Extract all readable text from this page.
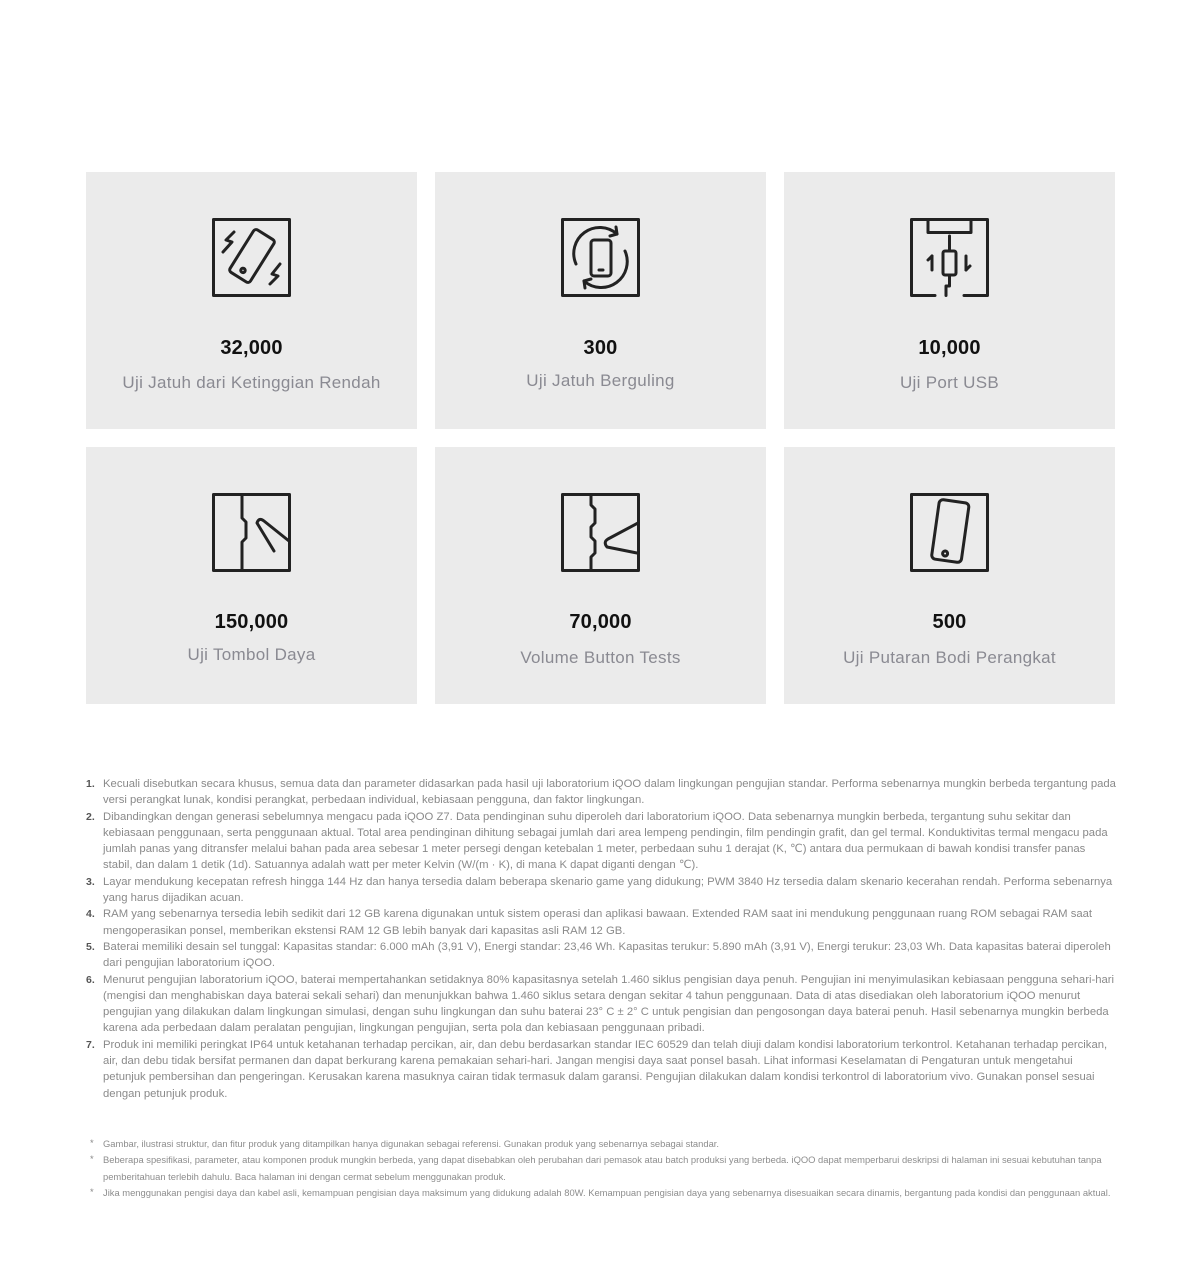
32,000
Uji Jatuh dari Ketinggian Rendah
300
Uji Jatuh Berguling
10,000
Uji Port USB
150,000
Uji Tombol Daya
70,000
Volume Button Tests
500
Uji Putaran Bodi Perangkat
1. Kecuali disebutkan secara khusus, semua data dan parameter didasarkan pada hasil uji laboratorium iQOO dalam lingkungan pengujian standar. Performa sebenarnya mungkin berbeda tergantung pada versi perangkat lunak, kondisi perangkat, perbedaan individual, kebiasaan pengguna, dan faktor lingkungan.
2. Dibandingkan dengan generasi sebelumnya mengacu pada iQOO Z7. Data pendinginan suhu diperoleh dari laboratorium iQOO. Data sebenarnya mungkin berbeda, tergantung suhu sekitar dan kebiasaan penggunaan, serta penggunaan aktual. Total area pendinginan dihitung sebagai jumlah dari area lempeng pendingin, film pendingin grafit, dan gel termal. Konduktivitas termal mengacu pada jumlah panas yang ditransfer melalui bahan pada area sebesar 1 meter persegi dengan ketebalan 1 meter, perbedaan suhu 1 derajat (K, ℃) antara dua permukaan di bawah kondisi transfer panas stabil, dan dalam 1 detik (1d). Satuannya adalah watt per meter Kelvin (W/(m · K), di mana K dapat diganti dengan ℃).
3. Layar mendukung kecepatan refresh hingga 144 Hz dan hanya tersedia dalam beberapa skenario game yang didukung; PWM 3840 Hz tersedia dalam skenario kecerahan rendah. Performa sebenarnya yang harus dijadikan acuan.
4. RAM yang sebenarnya tersedia lebih sedikit dari 12 GB karena digunakan untuk sistem operasi dan aplikasi bawaan. Extended RAM saat ini mendukung penggunaan ruang ROM sebagai RAM saat mengoperasikan ponsel, memberikan ekstensi RAM 12 GB lebih banyak dari kapasitas asli RAM 12 GB.
5. Baterai memiliki desain sel tunggal: Kapasitas standar: 6.000 mAh (3,91 V), Energi standar: 23,46 Wh. Kapasitas terukur: 5.890 mAh (3,91 V), Energi terukur: 23,03 Wh. Data kapasitas baterai diperoleh dari pengujian laboratorium iQOO.
6. Menurut pengujian laboratorium iQOO, baterai mempertahankan setidaknya 80% kapasitasnya setelah 1.460 siklus pengisian daya penuh. Pengujian ini menyimulasikan kebiasaan pengguna sehari-hari (mengisi dan menghabiskan daya baterai sekali sehari) dan menunjukkan bahwa 1.460 siklus setara dengan sekitar 4 tahun penggunaan. Data di atas disediakan oleh laboratorium iQOO menurut pengujian yang dilakukan dalam lingkungan simulasi, dengan suhu lingkungan dan suhu baterai 23° C ± 2° C untuk pengisian dan pengosongan daya baterai penuh. Hasil sebenarnya mungkin berbeda karena ada perbedaan dalam peralatan pengujian, lingkungan pengujian, serta pola dan kebiasaan penggunaan pribadi.
7. Produk ini memiliki peringkat IP64 untuk ketahanan terhadap percikan, air, dan debu berdasarkan standar IEC 60529 dan telah diuji dalam kondisi laboratorium terkontrol. Ketahanan terhadap percikan, air, dan debu tidak bersifat permanen dan dapat berkurang karena pemakaian sehari-hari. Jangan mengisi daya saat ponsel basah. Lihat informasi Keselamatan di Pengaturan untuk mengetahui petunjuk pembersihan dan pengeringan. Kerusakan karena masuknya cairan tidak termasuk dalam garansi. Pengujian dilakukan dalam kondisi terkontrol di laboratorium vivo. Gunakan ponsel sesuai dengan petunjuk produk.
* Gambar, ilustrasi struktur, dan fitur produk yang ditampilkan hanya digunakan sebagai referensi. Gunakan produk yang sebenarnya sebagai standar.
* Beberapa spesifikasi, parameter, atau komponen produk mungkin berbeda, yang dapat disebabkan oleh perubahan dari pemasok atau batch produksi yang berbeda. iQOO dapat memperbarui deskripsi di halaman ini sesuai kebutuhan tanpa pemberitahuan terlebih dahulu. Baca halaman ini dengan cermat sebelum menggunakan produk.
* Jika menggunakan pengisi daya dan kabel asli, kemampuan pengisian daya maksimum yang didukung adalah 80W. Kemampuan pengisian daya yang sebenarnya disesuaikan secara dinamis, bergantung pada kondisi dan penggunaan aktual.
